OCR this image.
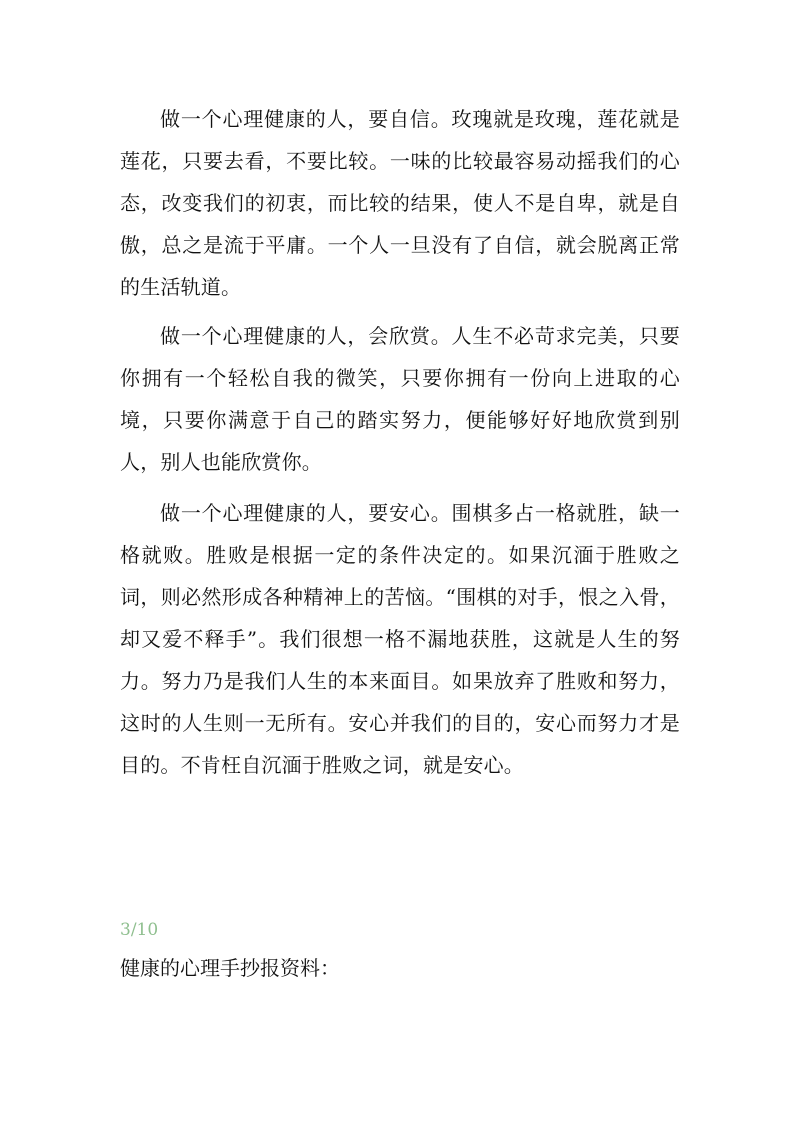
做一个心理健康的人，要自信。玫瑰就是玫瑰，莲花就是莲花，只要去看，不要比较。一味的比较最容易动摇我们的心态，改变我们的初衷，而比较的结果，使人不是自卑，就是自傲，总之是流于平庸。一个人一旦没有了自信，就会脱离正常的生活轨道。

做一个心理健康的人，会欣赏。人生不必苛求完美，只要你拥有一个轻松自我的微笑，只要你拥有一份向上进取的心境，只要你满意于自己的踏实努力，便能够好好地欣赏到别人，别人也能欣赏你。

做一个心理健康的人，要安心。围棋多占一格就胜，缺一格就败。胜败是根据一定的条件决定的。如果沉湎于胜败之词，则必然形成各种精神上的苦恼。“围棋的对手，恨之入骨，却又爱不释手”。我们很想一格不漏地获胜，这就是人生的努力。努力乃是我们人生的本来面目。如果放弃了胜败和努力，这时的人生则一无所有。安心并我们的目的，安心而努力才是目的。不肯枉自沉湎于胜败之词，就是安心。

3/10

健康的心理手抄报资料：
